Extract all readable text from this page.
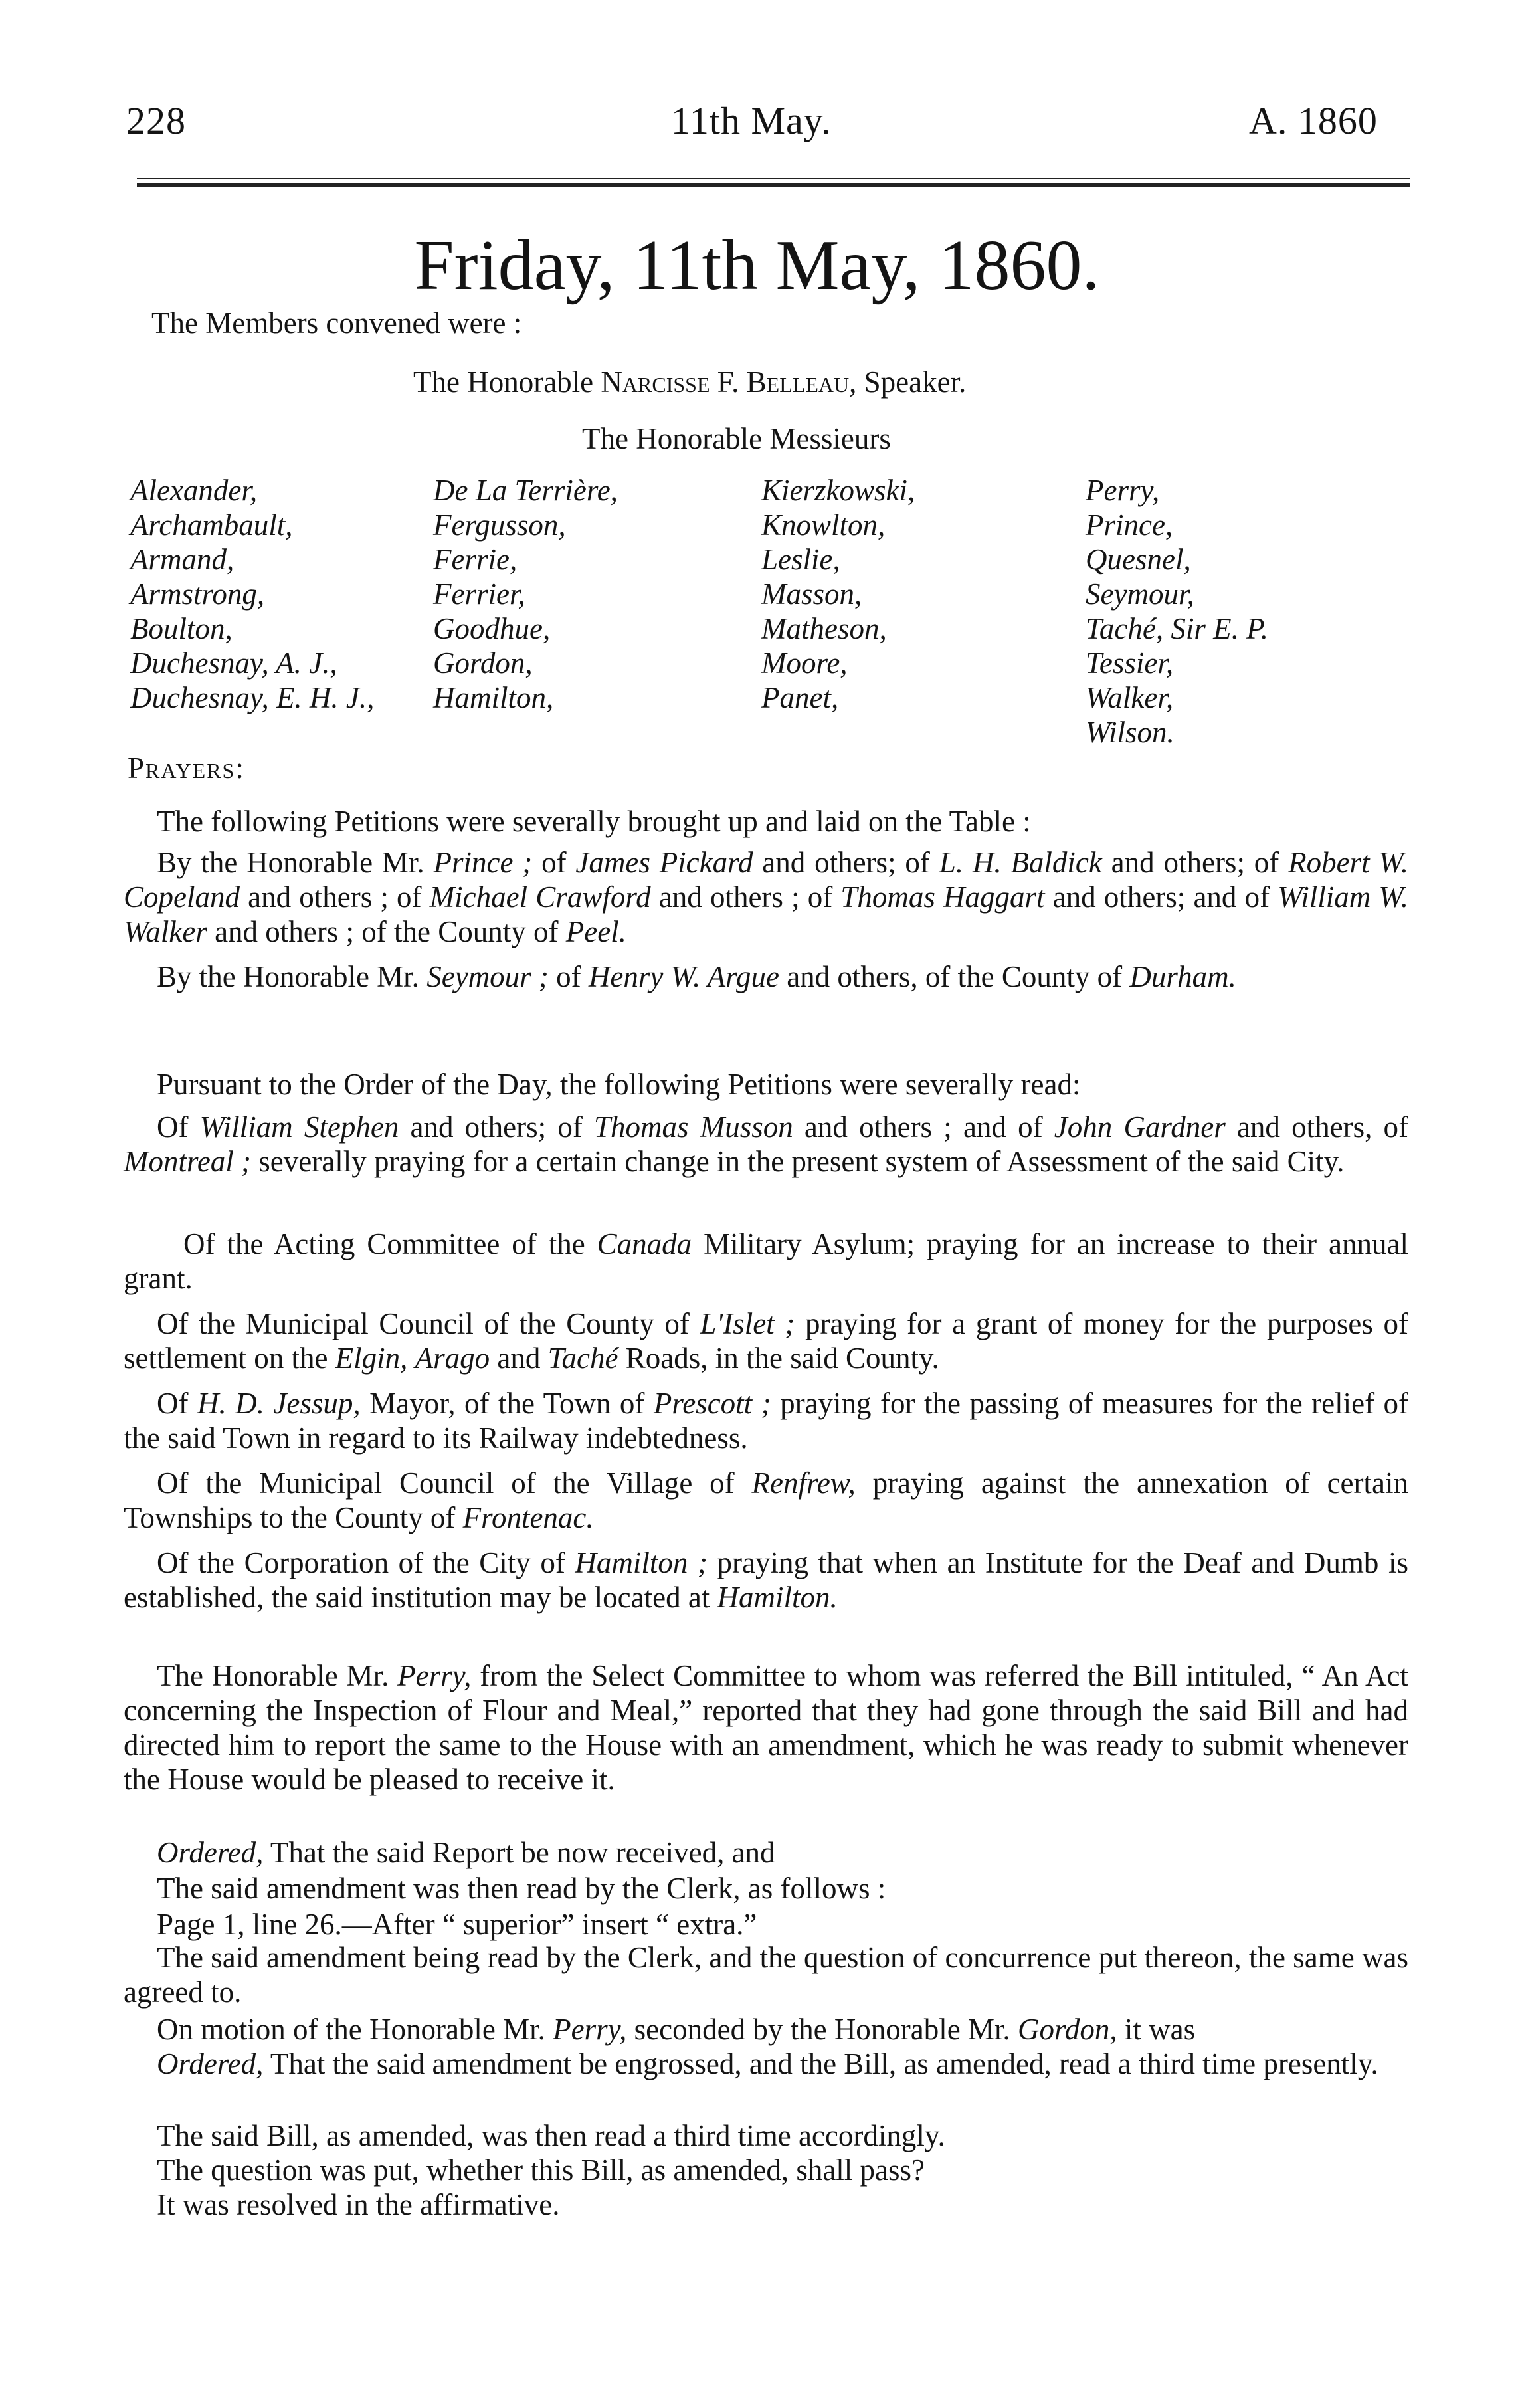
228	11th May.	A. 1860
Friday, 11th May, 1860.
The Members convened were :
The Honorable Narcisse F. Belleau, Speaker.
The Honorable Messieurs
Alexander,
Archambault,
Armand,
Armstrong,
Boulton,
Duchesnay, A. J.,
Duchesnay, E. H. J.,
De La Terrière,
Fergusson,
Ferrie,
Ferrier,
Goodhue,
Gordon,
Hamilton,
Kierzkowski,
Knowlton,
Leslie,
Masson,
Matheson,
Moore,
Panet,
Perry,
Prince,
Quesnel,
Seymour,
Taché, Sir E. P.
Tessier,
Walker,
Wilson.
Prayers:
The following Petitions were severally brought up and laid on the Table :
By the Honorable Mr. Prince ; of James Pickard and others; of L. H. Baldick and others; of Robert W. Copeland and others ; of Michael Crawford and others ; of Thomas Haggart and others; and of William W. Walker and others ; of the County of Peel.
By the Honorable Mr. Seymour ; of Henry W. Argue and others, of the County of Durham.
Pursuant to the Order of the Day, the following Petitions were severally read:
Of William Stephen and others; of Thomas Musson and others ; and of John Gardner and others, of Montreal ; severally praying for a certain change in the present system of Assessment of the said City.
Of the Acting Committee of the Canada Military Asylum; praying for an increase to their annual grant.
Of the Municipal Council of the County of L'Islet ; praying for a grant of money for the purposes of settlement on the Elgin, Arago and Taché Roads, in the said County.
Of H. D. Jessup, Mayor, of the Town of Prescott ; praying for the passing of measures for the relief of the said Town in regard to its Railway indebtedness.
Of the Municipal Council of the Village of Renfrew, praying against the annexation of certain Townships to the County of Frontenac.
Of the Corporation of the City of Hamilton ; praying that when an Institute for the Deaf and Dumb is established, the said institution may be located at Hamilton.
The Honorable Mr. Perry, from the Select Committee to whom was referred the Bill intituled, “ An Act concerning the Inspection of Flour and Meal,” reported that they had gone through the said Bill and had directed him to report the same to the House with an amendment, which he was ready to submit whenever the House would be pleased to receive it.
Ordered, That the said Report be now received, and
The said amendment was then read by the Clerk, as follows :
Page 1, line 26.—After “ superior” insert “ extra.”
The said amendment being read by the Clerk, and the question of concurrence put thereon, the same was agreed to.
On motion of the Honorable Mr. Perry, seconded by the Honorable Mr. Gordon, it was
Ordered, That the said amendment be engrossed, and the Bill, as amended, read a third time presently.
The said Bill, as amended, was then read a third time accordingly.
The question was put, whether this Bill, as amended, shall pass?
It was resolved in the affirmative.
